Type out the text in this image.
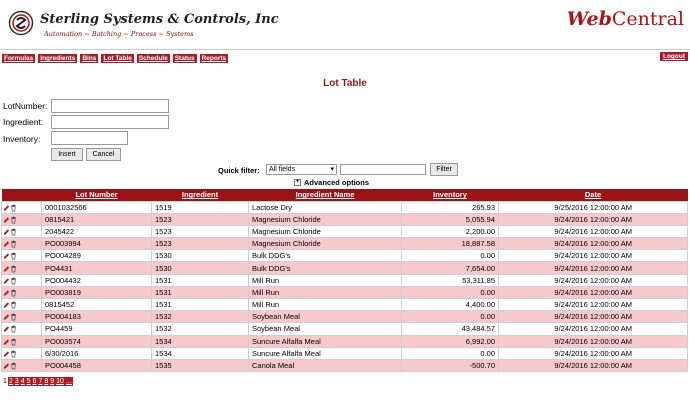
Sterling Systems & Controls, Inc
Automation ~ Batching ~ Process ~ Systems
WebCentral
Formulas	Ingredients	Bins	Lot Table	Schedule	Status	Reports	Logout
Lot Table
LotNumber:
Ingredient:
Inventory:
Insert	Cancel
Quick filter: All fields	▾	Filter
+ Advanced options
	Lot Number	Ingredient	Ingredient Name	Inventory	Date
	0001032566	1519	Lactose Dry	265.93	9/25/2016 12:00:00 AM
	0815421	1523	Magnesium Chloride	5,055.94	9/24/2016 12:00:00 AM
	2045422	1523	Magnesium Chloride	2,200.00	9/24/2016 12:00:00 AM
	PO003994	1523	Magnesium Chloride	18,887.58	9/24/2016 12:00:00 AM
	PO004289	1530	Bulk DDG's	0.00	9/24/2016 12:00:00 AM
	PO4431	1530	Bulk DDG's	7,654.00	9/24/2016 12:00:00 AM
	PO004432	1531	Mill Run	53,311.85	9/24/2016 12:00:00 AM
	PO003819	1531	Mill Run	0.00	9/24/2016 12:00:00 AM
	0815452	1531	Mill Run	4,400.00	9/24/2016 12:00:00 AM
	PO004183	1532	Soybean Meal	0.00	9/24/2016 12:00:00 AM
	PO4459	1532	Soybean Meal	43,484.57	9/24/2016 12:00:00 AM
	PO003574	1534	Suncure Alfalfa Meal	6,992.00	9/24/2016 12:00:00 AM
	6/30/2016	1534	Suncure Alfalfa Meal	0.00	9/24/2016 12:00:00 AM
	PO004458	1535	Canola Meal	-500.70	9/24/2016 12:00:00 AM
1 2 3 4 5 6 7 8 9 10 ...
